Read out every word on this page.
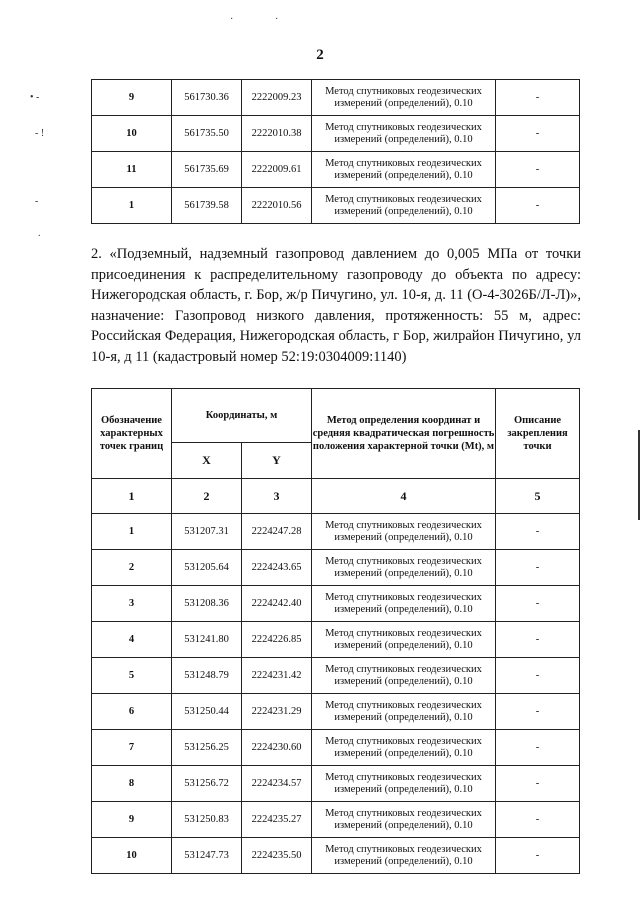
·	·
• -
- !
-
.
2
9	561730.36	2222009.23	Метод спутниковых геодезических измерений (определений), 0.10	-
10	561735.50	2222010.38	Метод спутниковых геодезических измерений (определений), 0.10	-
11	561735.69	2222009.61	Метод спутниковых геодезических измерений (определений), 0.10	-
1	561739.58	2222010.56	Метод спутниковых геодезических измерений (определений), 0.10	-
2. «Подземный, надземный газопровод давлением до 0,005 МПа от точки присоединения к распределительному газопроводу до объекта по адресу: Нижегородская область, г. Бор, ж/р Пичугино, ул. 10-я, д. 11 (О-4-3026Б/Л-Л)», назначение: Газопровод низкого давления, протяженность: 55 м, адрес: Российская Федерация, Нижегородская область, г Бор, жилрайон Пичугино, ул 10-я, д 11 (кадастровый номер 52:19:0304009:1140)
Обозначение характерных точек границ	Координаты, м		Метод определения координат и средняя квадратическая погрешность положения характерной точки (Mt), м	Описание закрепления точки
	X	Y		
1	2	3	4	5
1	531207.31	2224247.28	Метод спутниковых геодезических измерений (определений), 0.10	-
2	531205.64	2224243.65	Метод спутниковых геодезических измерений (определений), 0.10	-
3	531208.36	2224242.40	Метод спутниковых геодезических измерений (определений), 0.10	-
4	531241.80	2224226.85	Метод спутниковых геодезических измерений (определений), 0.10	-
5	531248.79	2224231.42	Метод спутниковых геодезических измерений (определений), 0.10	-
6	531250.44	2224231.29	Метод спутниковых геодезических измерений (определений), 0.10	-
7	531256.25	2224230.60	Метод спутниковых геодезических измерений (определений), 0.10	-
8	531256.72	2224234.57	Метод спутниковых геодезических измерений (определений), 0.10	-
9	531250.83	2224235.27	Метод спутниковых геодезических измерений (определений), 0.10	-
10	531247.73	2224235.50	Метод спутниковых геодезических измерений (определений), 0.10	-
